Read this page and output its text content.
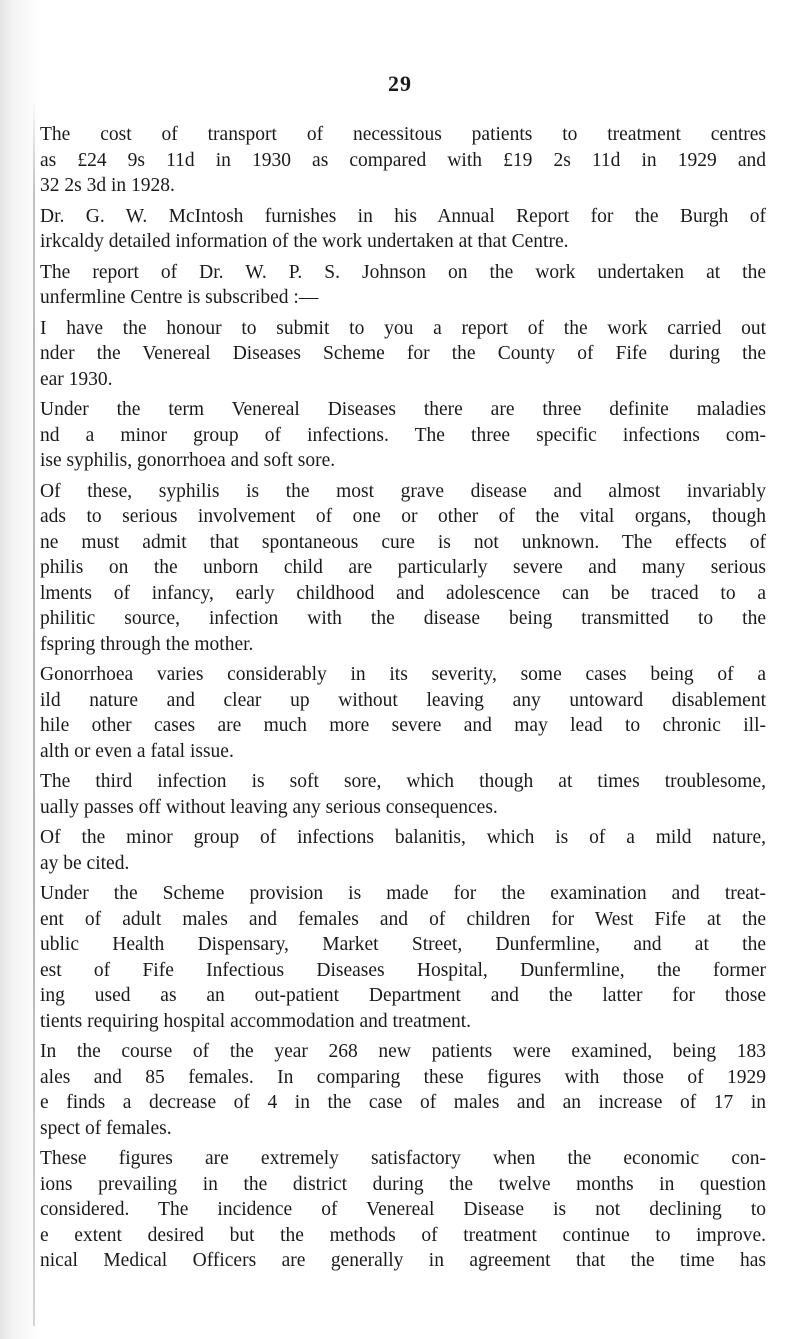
29
The cost of transport of necessitous patients to treatment centres
as £24 9s 11d in 1930 as compared with £19 2s 11d in 1929 and
32 2s 3d in 1928.
Dr. G. W. McIntosh furnishes in his Annual Report for the Burgh of
irkcaldy detailed information of the work undertaken at that Centre.
The report of Dr. W. P. S. Johnson on the work undertaken at the
unfermline Centre is subscribed :—
I have the honour to submit to you a report of the work carried out
nder the Venereal Diseases Scheme for the County of Fife during the
ear 1930.
Under the term Venereal Diseases there are three definite maladies
nd a minor group of infections. The three specific infections com-
ise syphilis, gonorrhoea and soft sore.
Of these, syphilis is the most grave disease and almost invariably
ads to serious involvement of one or other of the vital organs, though
ne must admit that spontaneous cure is not unknown. The effects of
philis on the unborn child are particularly severe and many serious
lments of infancy, early childhood and adolescence can be traced to a
philitic source, infection with the disease being transmitted to the
fspring through the mother.
Gonorrhoea varies considerably in its severity, some cases being of a
ild nature and clear up without leaving any untoward disablement
hile other cases are much more severe and may lead to chronic ill-
alth or even a fatal issue.
The third infection is soft sore, which though at times troublesome,
ually passes off without leaving any serious consequences.
Of the minor group of infections balanitis, which is of a mild nature,
ay be cited.
Under the Scheme provision is made for the examination and treat-
ent of adult males and females and of children for West Fife at the
ublic Health Dispensary, Market Street, Dunfermline, and at the
est of Fife Infectious Diseases Hospital, Dunfermline, the former
ing used as an out-patient Department and the latter for those
tients requiring hospital accommodation and treatment.
In the course of the year 268 new patients were examined, being 183
ales and 85 females. In comparing these figures with those of 1929
e finds a decrease of 4 in the case of males and an increase of 17 in
spect of females.
These figures are extremely satisfactory when the economic con-
ions prevailing in the district during the twelve months in question
considered. The incidence of Venereal Disease is not declining to
e extent desired but the methods of treatment continue to improve.
nical Medical Officers are generally in agreement that the time has
